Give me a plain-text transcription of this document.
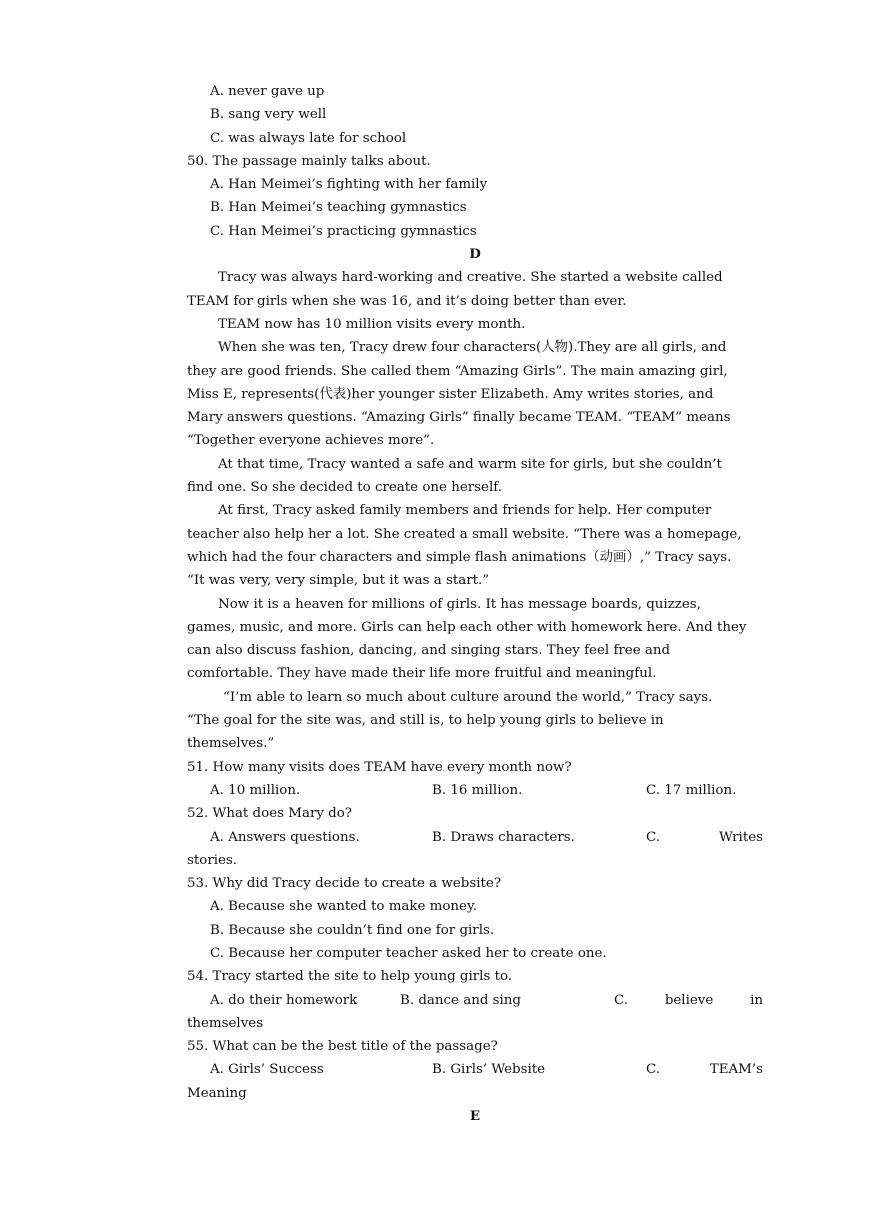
A. never gave up
B. sang very well
C. was always late for school
50. The passage mainly talks about.
A. Han Meimei’s fighting with her family
B. Han Meimei’s teaching gymnastics
C. Han Meimei’s practicing gymnastics
D
Tracy was always hard-working and creative. She started a website called
TEAM for girls when she was 16, and it’s doing better than ever.
TEAM now has 10 million visits every month.
When she was ten, Tracy drew four characters(人物).They are all girls, and
they are good friends. She called them “Amazing Girls”. The main amazing girl,
Miss E, represents(代表)her younger sister Elizabeth. Amy writes stories, and
Mary answers questions. “Amazing Girls” finally became TEAM. “TEAM” means
“Together everyone achieves more”.
At that time, Tracy wanted a safe and warm site for girls, but she couldn’t
find one. So she decided to create one herself.
At first, Tracy asked family members and friends for help. Her computer
teacher also help her a lot. She created a small website. “There was a homepage,
which had the four characters and simple flash animations（动画）,” Tracy says.
“It was very, very simple, but it was a start.”
Now it is a heaven for millions of girls. It has message boards, quizzes,
games, music, and more. Girls can help each other with homework here. And they
can also discuss fashion, dancing, and singing stars. They feel free and
comfortable. They have made their life more fruitful and meaningful.
“I’m able to learn so much about culture around the world,” Tracy says.
“The goal for the site was, and still is, to help young girls to believe in
themselves.”
51. How many visits does TEAM have every month now?
A. 10 million.	B. 16 million.	C. 17 million.
52. What does Mary do?
A. Answers questions.	B. Draws characters.	C.	Writes
stories.
53. Why did Tracy decide to create a website?
A. Because she wanted to make money.
B. Because she couldn’t find one for girls.
C. Because her computer teacher asked her to create one.
54. Tracy started the site to help young girls to.
A. do their homework	B. dance and sing	C.	believe	in
themselves
55. What can be the best title of the passage?
A. Girls’ Success	B. Girls’ Website	C.	TEAM’s
Meaning
E
